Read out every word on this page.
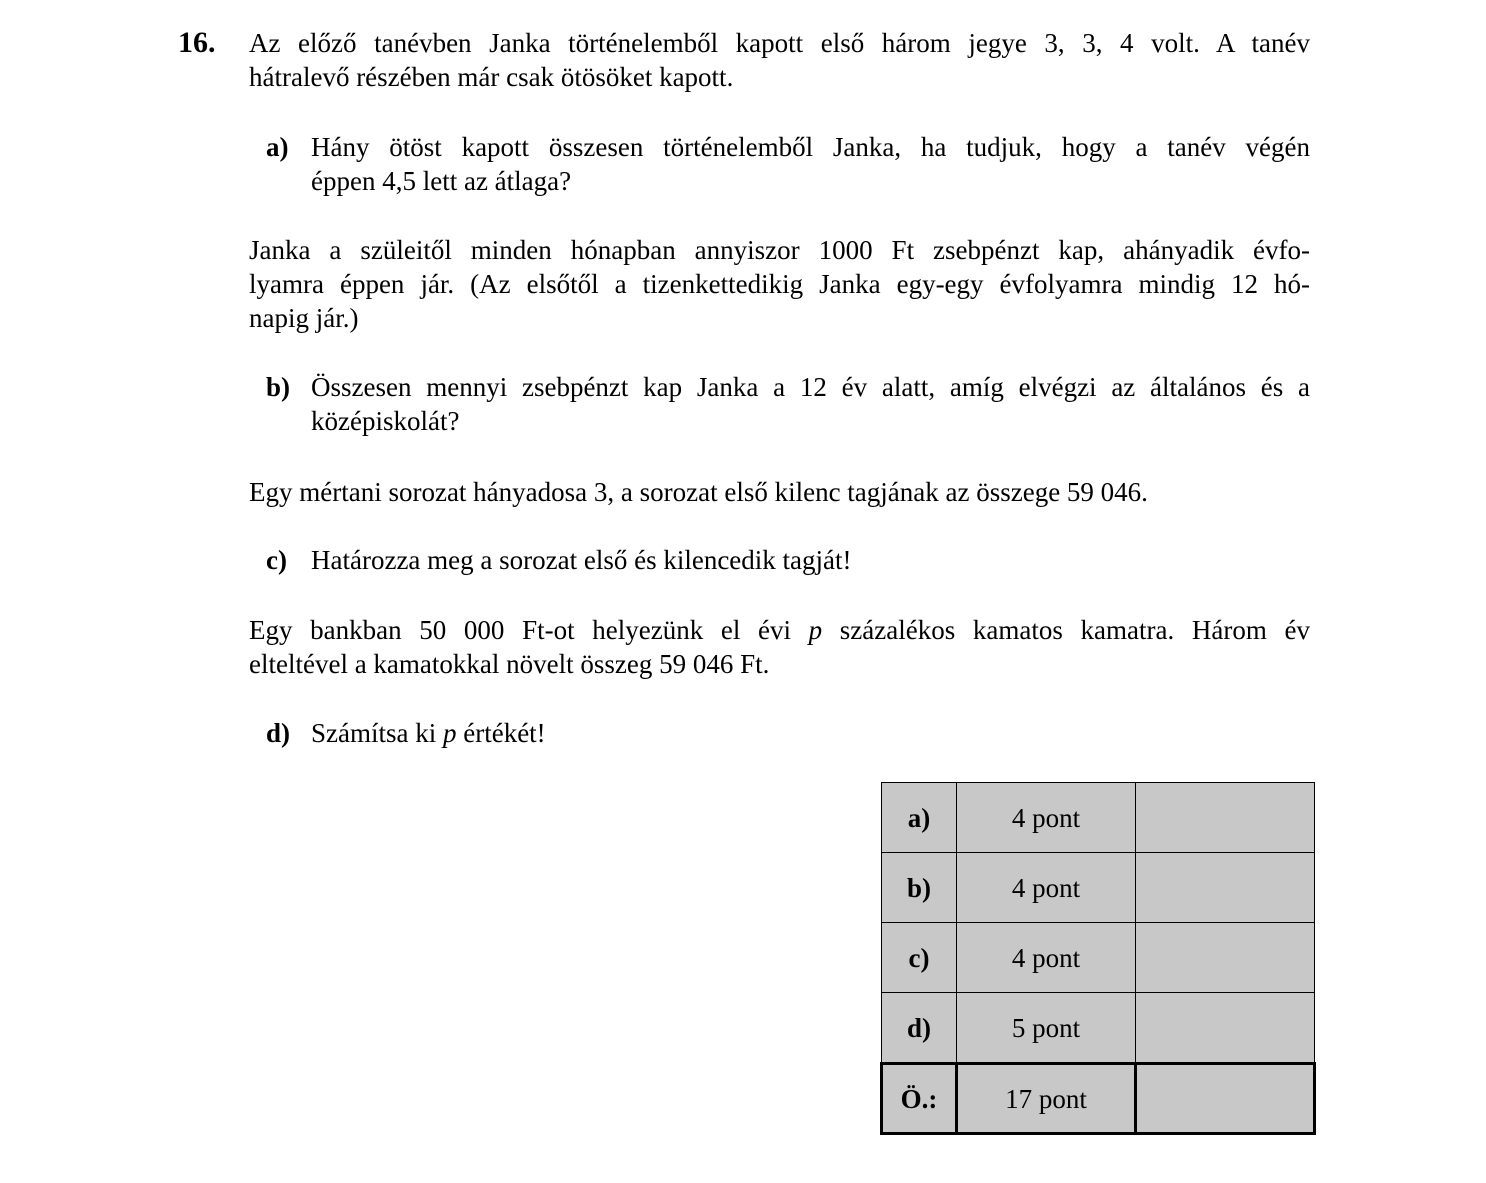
16. Az előző tanévben Janka történelemből kapott első három jegye 3, 3, 4 volt. A tanév
hátralevő részében már csak ötösöket kapott.
a) Hány ötöst kapott összesen történelemből Janka, ha tudjuk, hogy a tanév végén
éppen 4,5 lett az átlaga?
Janka a szüleitől minden hónapban annyiszor 1000 Ft zsebpénzt kap, ahányadik évfo-
lyamra éppen jár. (Az elsőtől a tizenkettedikig Janka egy-egy évfolyamra mindig 12 hó-
napig jár.)
b) Összesen mennyi zsebpénzt kap Janka a 12 év alatt, amíg elvégzi az általános és a
középiskolát?
Egy mértani sorozat hányadosa 3, a sorozat első kilenc tagjának az összege 59 046.
c) Határozza meg a sorozat első és kilencedik tagját!
Egy bankban 50 000 Ft-ot helyezünk el évi p százalékos kamatos kamatra. Három év
elteltével a kamatokkal növelt összeg 59 046 Ft.
d) Számítsa ki p értékét!
a)	4 pont	
b)	4 pont	
c)	4 pont	
d)	5 pont	
Ö.:	17 pont	
